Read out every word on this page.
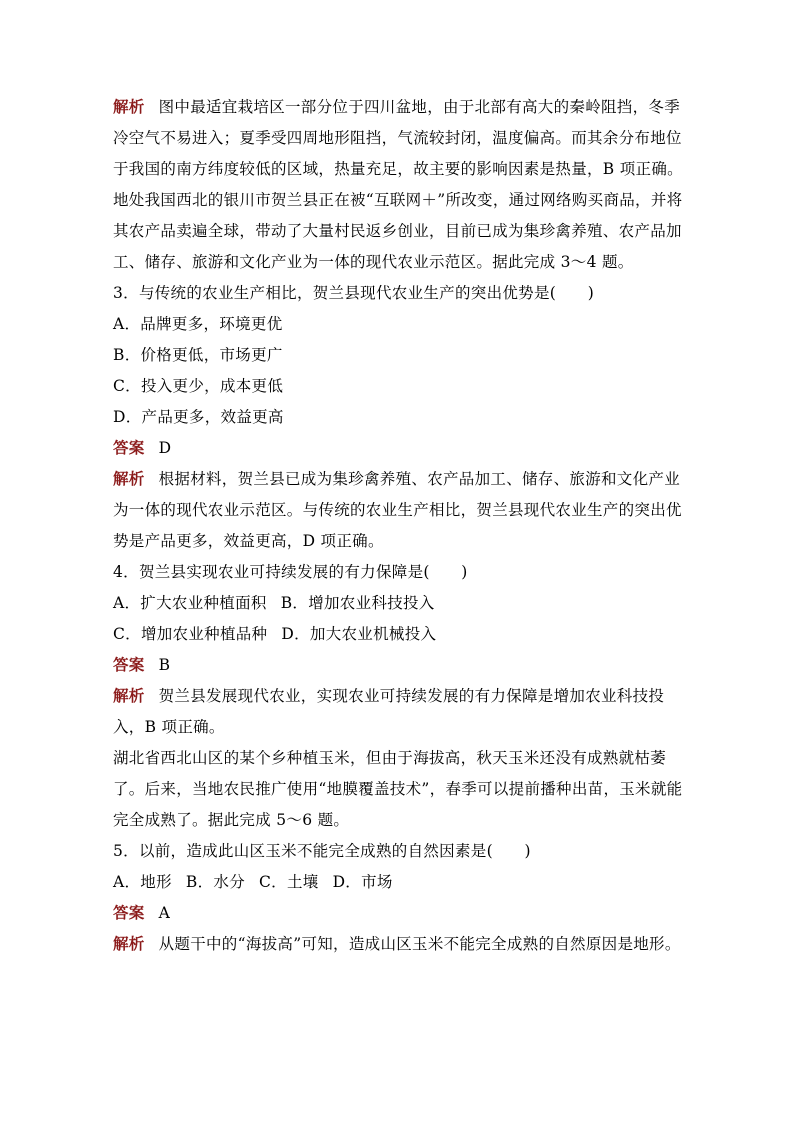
解析 图中最适宜栽培区一部分位于四川盆地，由于北部有高大的秦岭阻挡，冬季冷空气不易进入；夏季受四周地形阻挡，气流较封闭，温度偏高。而其余分布地位于我国的南方纬度较低的区域，热量充足，故主要的影响因素是热量，B 项正确。
地处我国西北的银川市贺兰县正在被“互联网＋”所改变，通过网络购买商品，并将其农产品卖遍全球，带动了大量村民返乡创业，目前已成为集珍禽养殖、农产品加工、储存、旅游和文化产业为一体的现代农业示范区。据此完成 3～4 题。
3．与传统的农业生产相比，贺兰县现代农业生产的突出优势是(　　)
A．品牌更多，环境更优
B．价格更低，市场更广
C．投入更少，成本更低
D．产品更多，效益更高
答案 D
解析 根据材料，贺兰县已成为集珍禽养殖、农产品加工、储存、旅游和文化产业为一体的现代农业示范区。与传统的农业生产相比，贺兰县现代农业生产的突出优势是产品更多，效益更高，D 项正确。
4．贺兰县实现农业可持续发展的有力保障是(　　)
A．扩大农业种植面积 B．增加农业科技投入
C．增加农业种植品种 D．加大农业机械投入
答案 B
解析 贺兰县发展现代农业，实现农业可持续发展的有力保障是增加农业科技投入，B 项正确。
湖北省西北山区的某个乡种植玉米，但由于海拔高，秋天玉米还没有成熟就枯萎了。后来，当地农民推广使用“地膜覆盖技术”，春季可以提前播种出苗，玉米就能完全成熟了。据此完成 5～6 题。
5．以前，造成此山区玉米不能完全成熟的自然因素是(　　)
A．地形 B．水分 C．土壤 D．市场
答案 A
解析 从题干中的“海拔高”可知，造成山区玉米不能完全成熟的自然原因是地形。
